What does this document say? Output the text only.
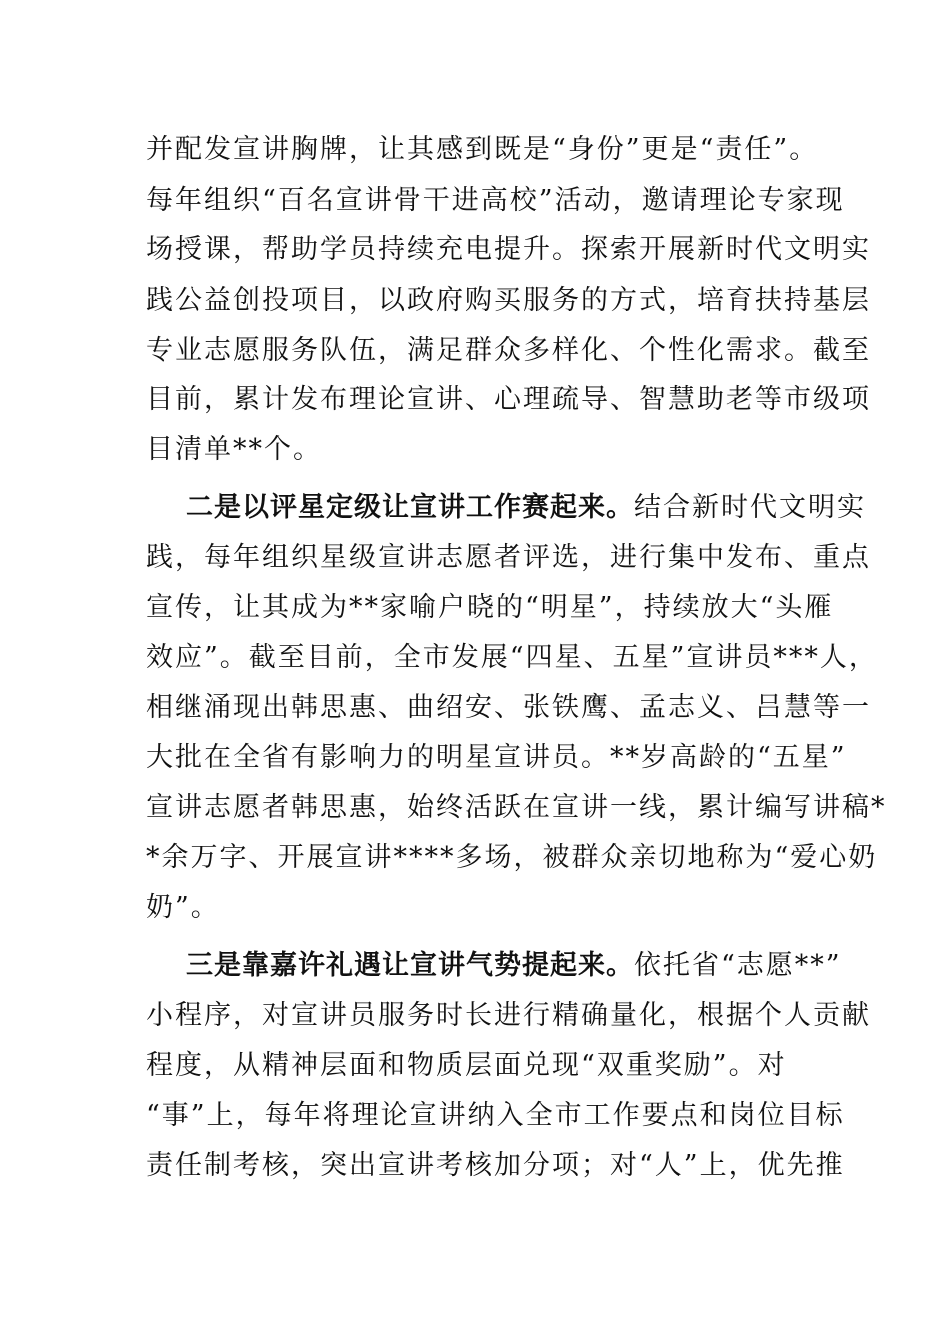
并配发宣讲胸牌，让其感到既是“身份”更是“责任”。
每年组织“百名宣讲骨干进高校”活动，邀请理论专家现
场授课，帮助学员持续充电提升。探索开展新时代文明实
践公益创投项目，以政府购买服务的方式，培育扶持基层
专业志愿服务队伍，满足群众多样化、个性化需求。截至
目前，累计发布理论宣讲、心理疏导、智慧助老等市级项
目清单**个。
二是以评星定级让宣讲工作赛起来。结合新时代文明实
践，每年组织星级宣讲志愿者评选，进行集中发布、重点
宣传，让其成为**家喻户晓的“明星”，持续放大“头雁
效应”。截至目前，全市发展“四星、五星”宣讲员***人，
相继涌现出韩思惠、曲绍安、张铁鹰、孟志义、吕慧等一
大批在全省有影响力的明星宣讲员。**岁高龄的“五星”
宣讲志愿者韩思惠，始终活跃在宣讲一线，累计编写讲稿*
*余万字、开展宣讲****多场，被群众亲切地称为“爱心奶
奶”。
三是靠嘉许礼遇让宣讲气势提起来。依托省“志愿**”
小程序，对宣讲员服务时长进行精确量化，根据个人贡献
程度，从精神层面和物质层面兑现“双重奖励”。对
“事”上，每年将理论宣讲纳入全市工作要点和岗位目标
责任制考核，突出宣讲考核加分项；对“人”上，优先推
